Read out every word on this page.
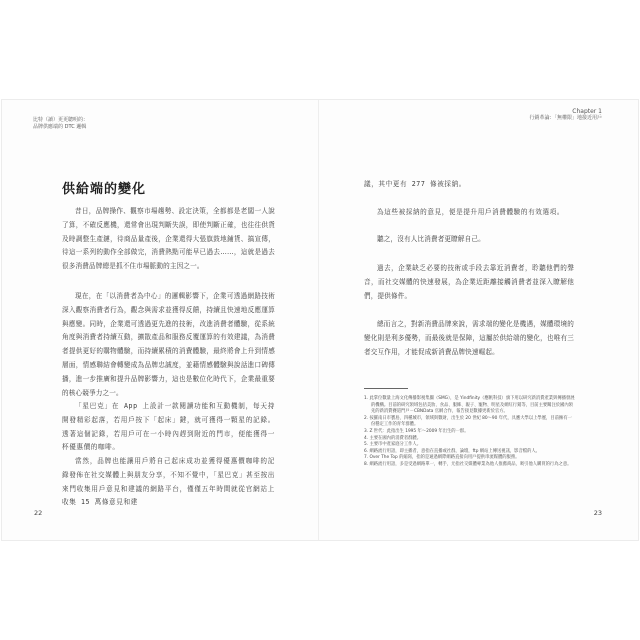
比特（讀）更更聰明的：
品牌供應端的 DTC 邏輯
供給端的變化

昔日，品牌操作、觀察市場趨勢、設定決策，全都都是老闆一人說了算，不確反應機，還常會出現判斷失誤，即使判斷正確，也往往供貨及時調整生產鏈，待商品量產後，企業還得大張旗鼓地鋪貨、搞宣傳，待這一系列的動作全部做完，消費熱點可能早已過去……，這就是過去很多消費品牌總是抓不住市場脈動的主因之一。

現在，在「以消費者為中心」的邏輯影響下，企業可透過網路技術深入觀察消費者行為，觀念與需求並獲得反饋，持續且快速地反應運算與應變。同時，企業還可透過更先進的技術，改進消費者體驗，從系統角度與消費者持續互動，擴散產品和服務反覆運算的有效建議，為消費者提供更好的購物體驗，而持續累積的消費體驗，最終將會上升到情感層面，情感聯結會轉變成為品牌忠誠度，並藉情感體驗與說話進口碑傳播，進一步推廣和提升品牌影響力，這也是數位化時代下，企業最重要的核心競爭力之一。

「星巴克」在 App 上設計一款閱讀功能和互動機制，每天持開發精彩起落，若用戶按下「起床」鍵，就可獲得一顆星的記錄。透著這個記錄，若用戶可在一小時內趕到附近的門市，便能獲得一杯優惠價的咖啡。

當然，品牌也能讓用戶將自己起床成功並獲得優惠價咖啡的記錄發佈在社交媒體上與朋友分享，不知不覺中，「星巴克」甚至按出來門收集用戶意見和建議的網路平台，僅僅五年時間就從官網站上收集 15 萬條意見和建

22
Chapter 1
行銷革論：「無權限」地接近用戶

議，其中更有 277 條被採納。

為這些被採納的意見，便是提升用戶消費體驗的有效選項。

聽之，沒有人比消費者更瞭解自己。

過去，企業缺乏必要的技術或手段去靠近消費者，聆聽他們的聲音，而社交媒體的快速發展，為企業近距離接觸消費者並深入瞭解他們，提供條件。

總而言之，對新消費品牌來說，需求端的變化是機遇，媒體環境的變化則是利多優勢，而最後就是保障，這屬於供給端的變化，也唯有三者交互作用，才能促成新消費品牌快速崛起。

1. 此掌位數量上海文化傳播影視集團（SMG），是 Yindfinity（應帆科技）旗下用以研究新消費產業與傳播發展的機構。目前的研究領域包括美妝、食品、服飾、親子、寵物、明星及網紅行銷等，目前主要關注於國內領先的新消費賽道門戶－CBNData 官網合作，報告接見數據更新於官方。
2. 按羅南日市寶島，四種城市，領域與數財，出生於 20 世紀 80～90 年代，具應大學以上學歷，目前擁有一份穩定工作的青年群體。
3. Z 世代：此指出生 1995 年～2009 年出生的一群。
4. 主要在國內的消費者群體。
5. 主要市中產家庭分工作人。
6. 網路流行用語，即主播者，意指在直播或社群，論壇，ftp 網站上傳送視訊，影音檔的人。
7. Over The Top 的縮寫，指的是通過網際網路直接向用戶提供串流媒體的服務。
8. 網路流行用語，多是受過網路單一，轉手，尤指社交媒體專業為他人推薦商品，吸引他人購買的行為之意。
23
